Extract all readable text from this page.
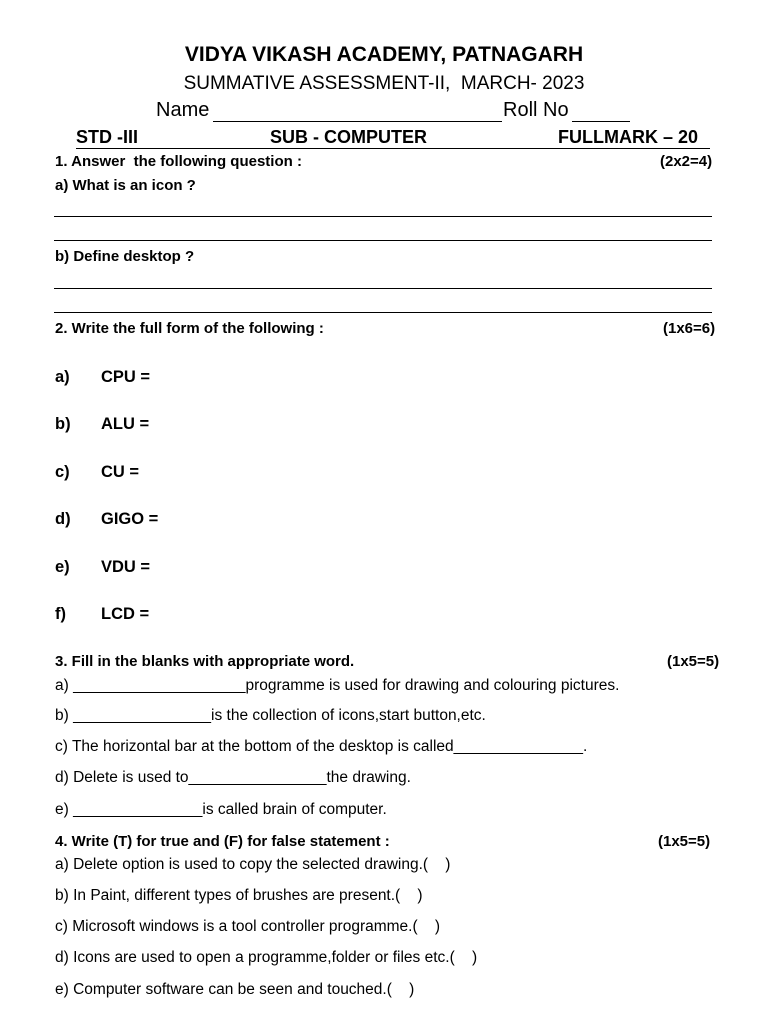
VIDYA VIKASH ACADEMY, PATNAGARH
SUMMATIVE ASSESSMENT-II,  MARCH- 2023
Name	Roll No
STD -III	SUB - COMPUTER	FULLMARK – 20
1. Answer  the following question :	(2x2=4)
a) What is an icon ?
b) Define desktop ?
2. Write the full form of the following :	(1x6=6)
a) CPU =
b) ALU =
c) CU =
d) GIGO =
e) VDU =
f) LCD =
3. Fill in the blanks with appropriate word.	(1x5=5)
a) ____________________programme is used for drawing and colouring pictures.
b) ________________is the collection of icons,start button,etc.
c) The horizontal bar at the bottom of the desktop is called_______________.
d) Delete is used to________________the drawing.
e) _______________is called brain of computer.
4. Write (T) for true and (F) for false statement :	(1x5=5)
a) Delete option is used to copy the selected drawing.(    )
b) In Paint, different types of brushes are present.(    )
c) Microsoft windows is a tool controller programme.(    )
d) Icons are used to open a programme,folder or files etc.(    )
e) Computer software can be seen and touched.(    )
